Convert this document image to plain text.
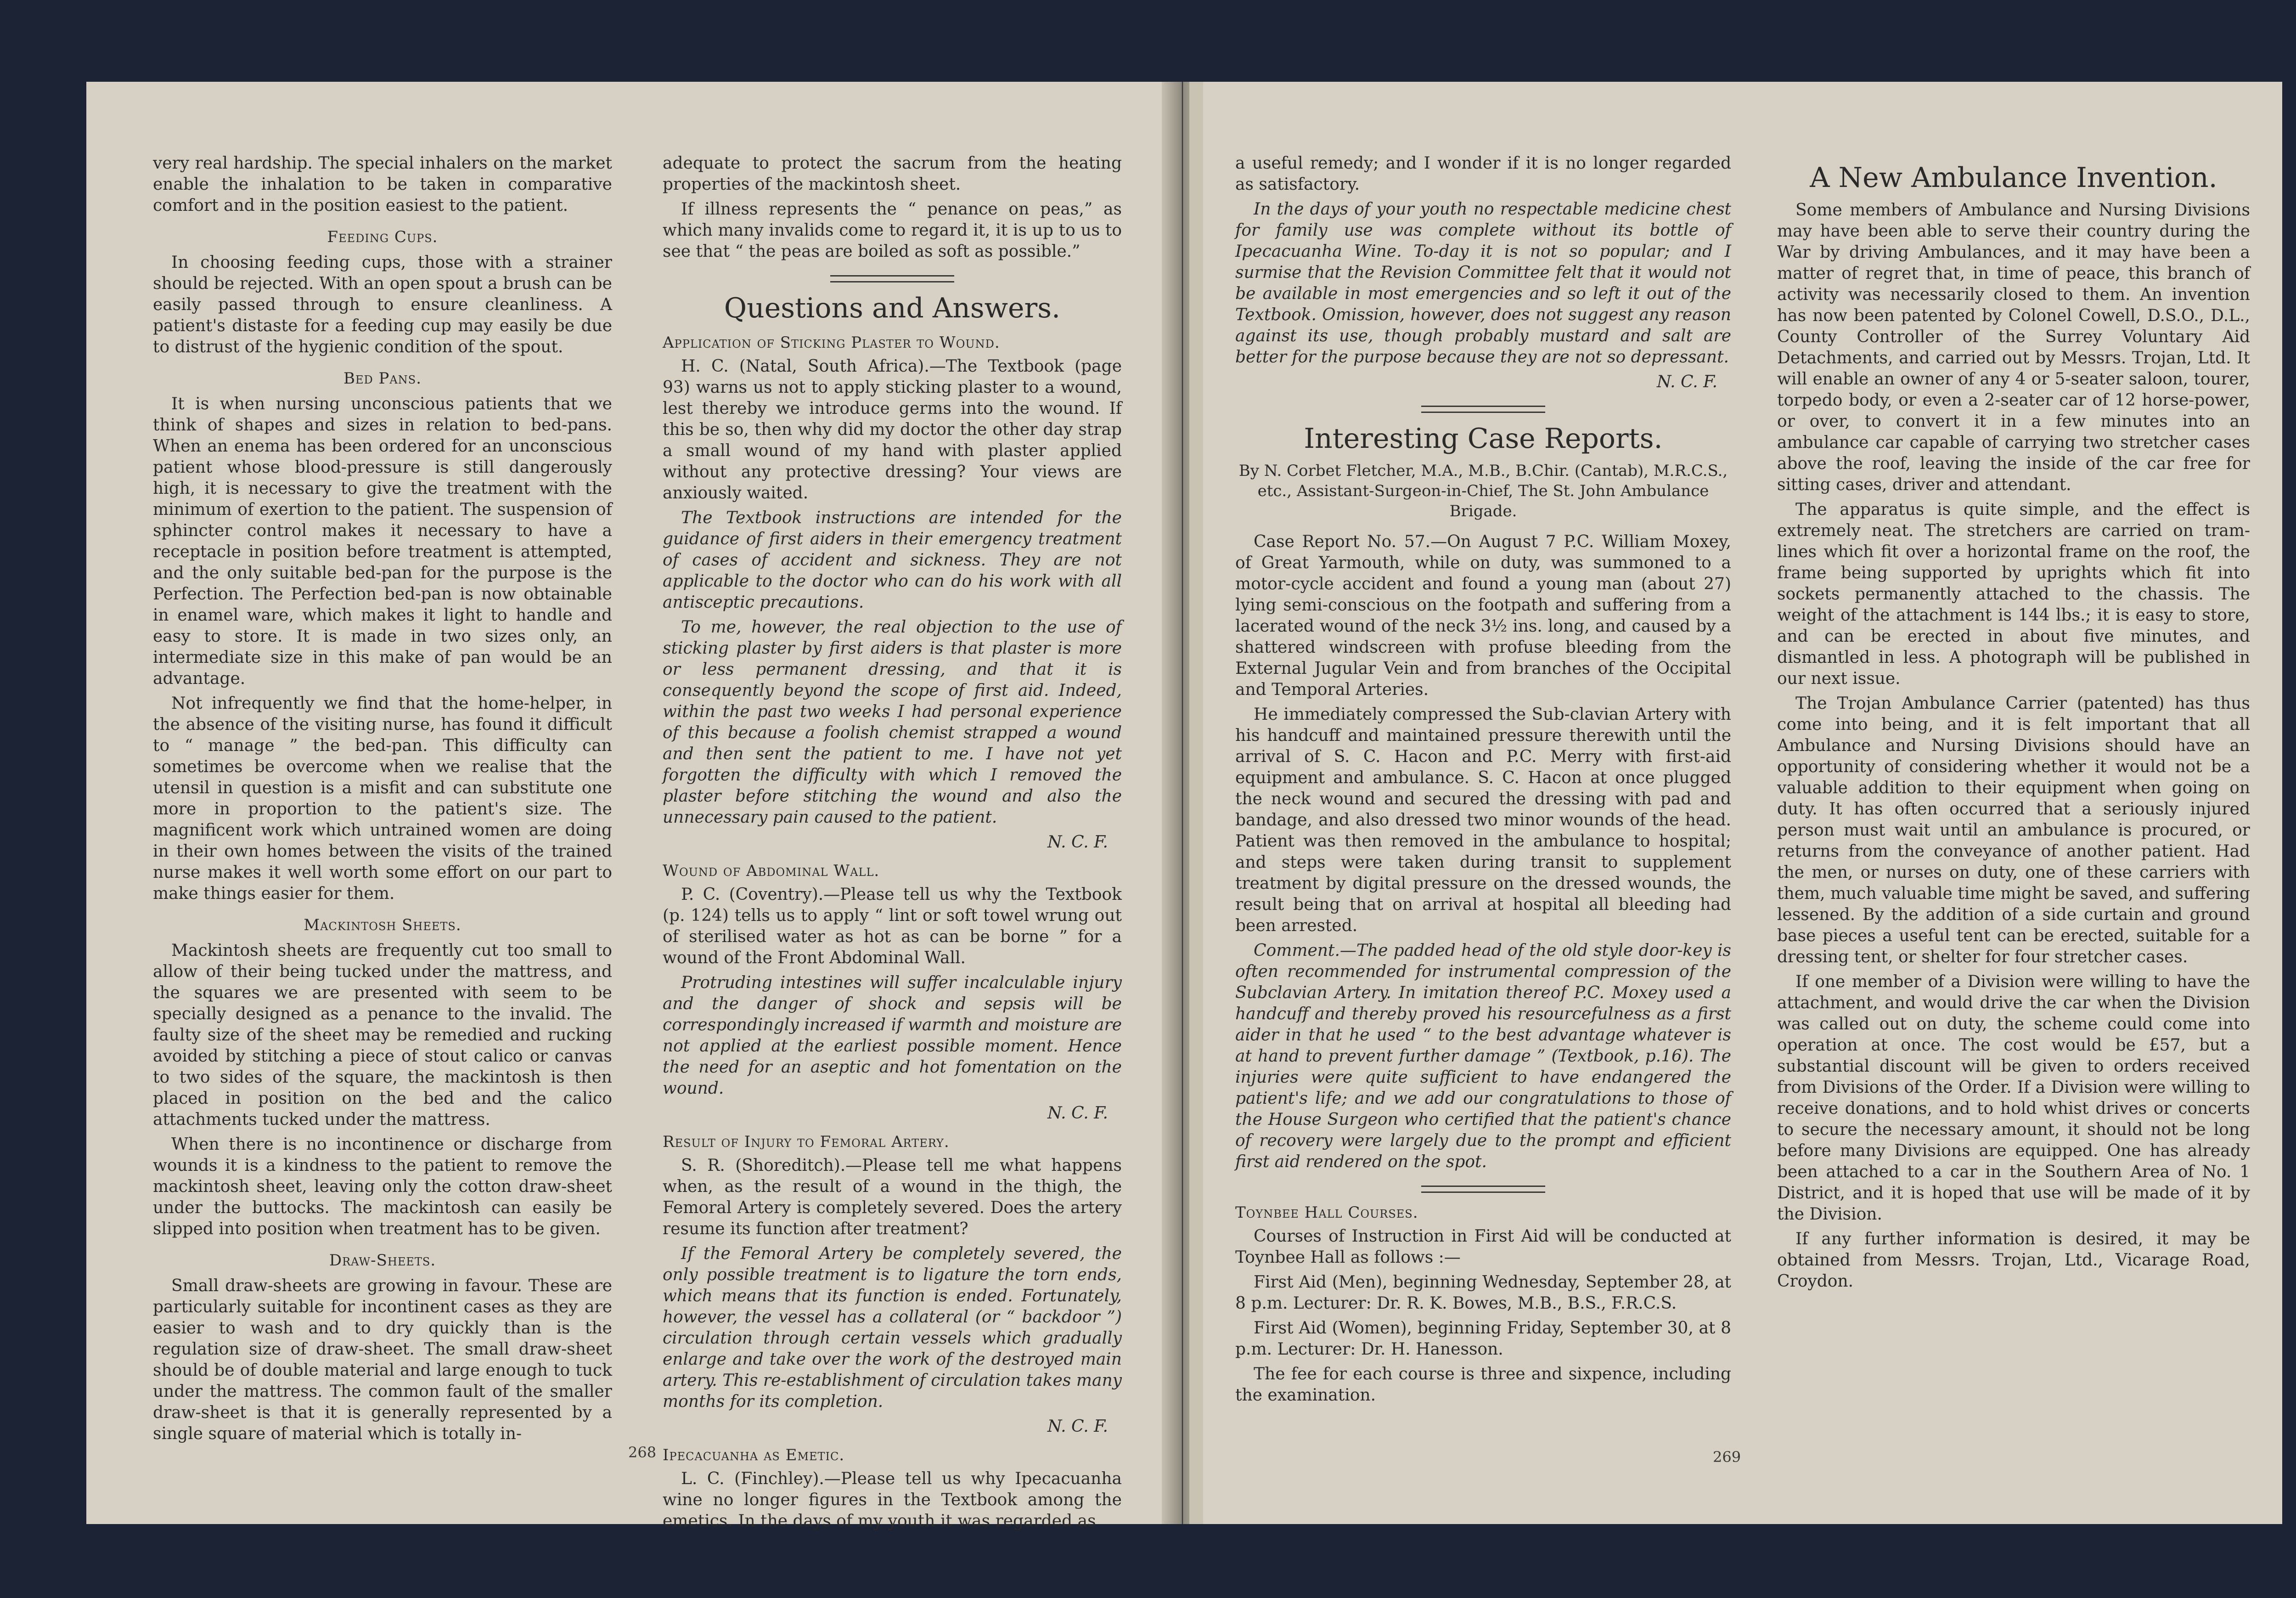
very real hardship. The special inhalers on the market enable the inhalation to be taken in comparative comfort and in the position easiest to the patient.

Feeding Cups.

In choosing feeding cups, those with a strainer should be rejected. With an open spout a brush can be easily passed through to ensure cleanliness. A patient's distaste for a feeding cup may easily be due to distrust of the hygienic condition of the spout.

Bed Pans.

It is when nursing unconscious patients that we think of shapes and sizes in relation to bed-pans. When an enema has been ordered for an unconscious patient whose blood-pressure is still dangerously high, it is necessary to give the treatment with the minimum of exertion to the patient. The suspension of sphincter control makes it necessary to have a receptacle in position before treatment is attempted, and the only suitable bed-pan for the purpose is the Perfection. The Perfection bed-pan is now obtainable in enamel ware, which makes it light to handle and easy to store. It is made in two sizes only, an intermediate size in this make of pan would be an advantage.

Not infrequently we find that the home-helper, in the absence of the visiting nurse, has found it difficult to “ manage ” the bed-pan. This difficulty can sometimes be overcome when we realise that the utensil in question is a misfit and can substitute one more in proportion to the patient's size. The magnificent work which untrained women are doing in their own homes between the visits of the trained nurse makes it well worth some effort on our part to make things easier for them.

Mackintosh Sheets.

Mackintosh sheets are frequently cut too small to allow of their being tucked under the mattress, and the squares we are presented with seem to be specially designed as a penance to the invalid. The faulty size of the sheet may be remedied and rucking avoided by stitching a piece of stout calico or canvas to two sides of the square, the mackintosh is then placed in position on the bed and the calico attachments tucked under the mattress.

When there is no incontinence or discharge from wounds it is a kindness to the patient to remove the mackintosh sheet, leaving only the cotton draw-sheet under the buttocks. The mackintosh can easily be slipped into position when treatment has to be given.

Draw-Sheets.

Small draw-sheets are growing in favour. These are particularly suitable for incontinent cases as they are easier to wash and to dry quickly than is the regulation size of draw-sheet. The small draw-sheet should be of double material and large enough to tuck under the mattress. The common fault of the smaller draw-sheet is that it is generally represented by a single square of material which is totally in-

adequate to protect the sacrum from the heating properties of the mackintosh sheet.

If illness represents the “ penance on peas,” as which many invalids come to regard it, it is up to us to see that “ the peas are boiled as soft as possible.”

Questions and Answers.
Application of Sticking Plaster to Wound.

H. C. (Natal, South Africa).—The Textbook (page 93) warns us not to apply sticking plaster to a wound, lest thereby we introduce germs into the wound. If this be so, then why did my doctor the other day strap a small wound of my hand with plaster applied without any protective dressing? Your views are anxiously waited.

The Textbook instructions are intended for the guidance of first aiders in their emergency treatment of cases of accident and sickness. They are not applicable to the doctor who can do his work with all antisceptic precautions.

To me, however, the real objection to the use of sticking plaster by first aiders is that plaster is more or less permanent dressing, and that it is consequently beyond the scope of first aid. Indeed, within the past two weeks I had personal experience of this because a foolish chemist strapped a wound and then sent the patient to me. I have not yet forgotten the difficulty with which I removed the plaster before stitching the wound and also the unnecessary pain caused to the patient.

N. C. F.
Wound of Abdominal Wall.

P. C. (Coventry).—Please tell us why the Textbook (p. 124) tells us to apply “ lint or soft towel wrung out of sterilised water as hot as can be borne ” for a wound of the Front Abdominal Wall.

Protruding intestines will suffer incalculable injury and the danger of shock and sepsis will be correspondingly increased if warmth and moisture are not applied at the earliest possible moment. Hence the need for an aseptic and hot fomentation on the wound.

N. C. F.
Result of Injury to Femoral Artery.

S. R. (Shoreditch).—Please tell me what happens when, as the result of a wound in the thigh, the Femoral Artery is completely severed. Does the artery resume its function after treatment?

If the Femoral Artery be completely severed, the only possible treatment is to ligature the torn ends, which means that its function is ended. Fortunately, however, the vessel has a collateral (or “ backdoor ”) circulation through certain vessels which gradually enlarge and take over the work of the destroyed main artery. This re-establishment of circulation takes many months for its completion.

N. C. F.
Ipecacuanha as Emetic.

L. C. (Finchley).—Please tell us why Ipecacuanha wine no longer figures in the Textbook among the emetics. In the days of my youth it was regarded as

268

a useful remedy; and I wonder if it is no longer regarded as satisfactory.

In the days of your youth no respectable medicine chest for family use was complete without its bottle of Ipecacuanha Wine. To-day it is not so popular; and I surmise that the Revision Committee felt that it would not be available in most emergencies and so left it out of the Textbook. Omission, however, does not suggest any reason against its use, though probably mustard and salt are better for the purpose because they are not so depressant.

N. C. F.
Interesting Case Reports.
By N. Corbet Fletcher, M.A., M.B., B.Chir. (Cantab), M.R.C.S., etc., Assistant-Surgeon-in-Chief, The St. John Ambulance Brigade.

Case Report No. 57.—On August 7 P.C. William Moxey, of Great Yarmouth, while on duty, was summoned to a motor-cycle accident and found a young man (about 27) lying semi-conscious on the footpath and suffering from a lacerated wound of the neck 3½ ins. long, and caused by a shattered windscreen with profuse bleeding from the External Jugular Vein and from branches of the Occipital and Temporal Arteries.

He immediately compressed the Sub-clavian Artery with his handcuff and maintained pressure therewith until the arrival of S. C. Hacon and P.C. Merry with first-aid equipment and ambulance. S. C. Hacon at once plugged the neck wound and secured the dressing with pad and bandage, and also dressed two minor wounds of the head. Patient was then removed in the ambulance to hospital; and steps were taken during transit to supplement treatment by digital pressure on the dressed wounds, the result being that on arrival at hospital all bleeding had been arrested.

Comment.—The padded head of the old style door-key is often recommended for instrumental compression of the Subclavian Artery. In imitation thereof P.C. Moxey used a handcuff and thereby proved his resourcefulness as a first aider in that he used “ to the best advantage whatever is at hand to prevent further damage ” (Textbook, p.16). The injuries were quite sufficient to have endangered the patient's life; and we add our congratulations to those of the House Surgeon who certified that the patient's chance of recovery were largely due to the prompt and efficient first aid rendered on the spot.

Toynbee Hall Courses.

Courses of Instruction in First Aid will be conducted at Toynbee Hall as follows :—

First Aid (Men), beginning Wednesday, September 28, at 8 p.m. Lecturer: Dr. R. K. Bowes, M.B., B.S., F.R.C.S.

First Aid (Women), beginning Friday, September 30, at 8 p.m. Lecturer: Dr. H. Hanesson.

The fee for each course is three and sixpence, including the examination.

A New Ambulance Invention.

Some members of Ambulance and Nursing Divisions may have been able to serve their country during the War by driving Ambulances, and it may have been a matter of regret that, in time of peace, this branch of activity was necessarily closed to them. An invention has now been patented by Colonel Cowell, D.S.O., D.L., County Controller of the Surrey Voluntary Aid Detachments, and carried out by Messrs. Trojan, Ltd. It will enable an owner of any 4 or 5-seater saloon, tourer, torpedo body, or even a 2-seater car of 12 horse-power, or over, to convert it in a few minutes into an ambulance car capable of carrying two stretcher cases above the roof, leaving the inside of the car free for sitting cases, driver and attendant.

The apparatus is quite simple, and the effect is extremely neat. The stretchers are carried on tram-lines which fit over a horizontal frame on the roof, the frame being supported by uprights which fit into sockets permanently attached to the chassis. The weight of the attachment is 144 lbs.; it is easy to store, and can be erected in about five minutes, and dismantled in less. A photograph will be published in our next issue.

The Trojan Ambulance Carrier (patented) has thus come into being, and it is felt important that all Ambulance and Nursing Divisions should have an opportunity of considering whether it would not be a valuable addition to their equipment when going on duty. It has often occurred that a seriously injured person must wait until an ambulance is procured, or returns from the conveyance of another patient. Had the men, or nurses on duty, one of these carriers with them, much valuable time might be saved, and suffering lessened. By the addition of a side curtain and ground base pieces a useful tent can be erected, suitable for a dressing tent, or shelter for four stretcher cases.

If one member of a Division were willing to have the attachment, and would drive the car when the Division was called out on duty, the scheme could come into operation at once. The cost would be £57, but a substantial discount will be given to orders received from Divisions of the Order. If a Division were willing to receive donations, and to hold whist drives or concerts to secure the necessary amount, it should not be long before many Divisions are equipped. One has already been attached to a car in the Southern Area of No. 1 District, and it is hoped that use will be made of it by the Division.

If any further information is desired, it may be obtained from Messrs. Trojan, Ltd., Vicarage Road, Croydon.

269
